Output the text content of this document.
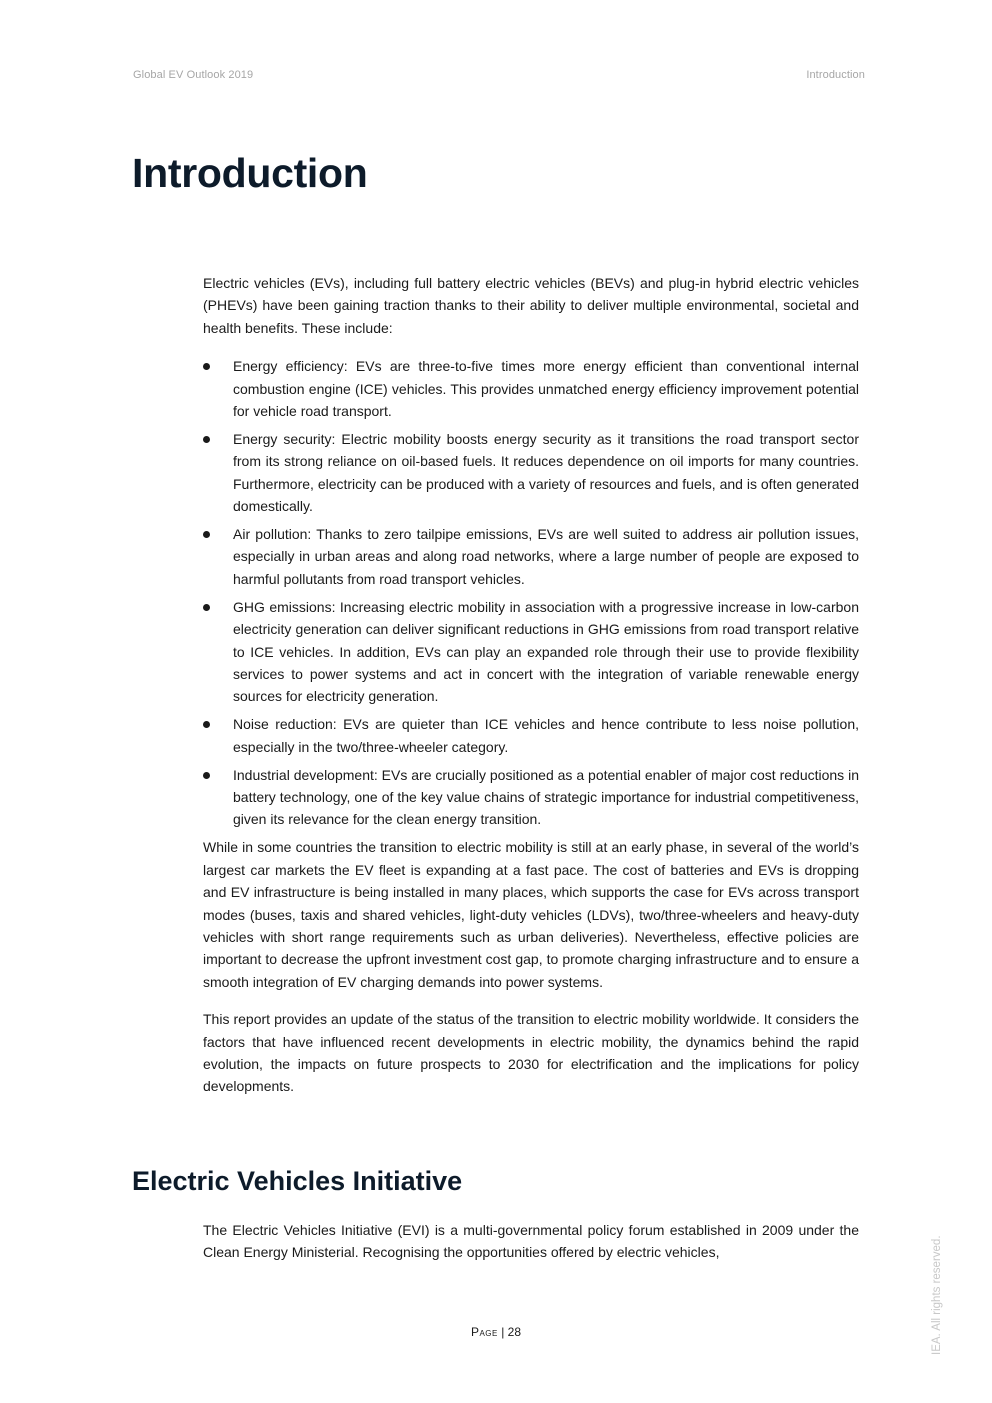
Global EV Outlook 2019	Introduction
Introduction

Electric vehicles (EVs), including full battery electric vehicles (BEVs) and plug-in hybrid electric vehicles (PHEVs) have been gaining traction thanks to their ability to deliver multiple environmental, societal and health benefits. These include:

Energy efficiency: EVs are three-to-five times more energy efficient than conventional internal combustion engine (ICE) vehicles. This provides unmatched energy efficiency improvement potential for vehicle road transport.
Energy security: Electric mobility boosts energy security as it transitions the road transport sector from its strong reliance on oil-based fuels. It reduces dependence on oil imports for many countries. Furthermore, electricity can be produced with a variety of resources and fuels, and is often generated domestically.
Air pollution: Thanks to zero tailpipe emissions, EVs are well suited to address air pollution issues, especially in urban areas and along road networks, where a large number of people are exposed to harmful pollutants from road transport vehicles.
GHG emissions: Increasing electric mobility in association with a progressive increase in low-carbon electricity generation can deliver significant reductions in GHG emissions from road transport relative to ICE vehicles. In addition, EVs can play an expanded role through their use to provide flexibility services to power systems and act in concert with the integration of variable renewable energy sources for electricity generation.
Noise reduction: EVs are quieter than ICE vehicles and hence contribute to less noise pollution, especially in the two/three-wheeler category.
Industrial development: EVs are crucially positioned as a potential enabler of major cost reductions in battery technology, one of the key value chains of strategic importance for industrial competitiveness, given its relevance for the clean energy transition.

While in some countries the transition to electric mobility is still at an early phase, in several of the world’s largest car markets the EV fleet is expanding at a fast pace. The cost of batteries and EVs is dropping and EV infrastructure is being installed in many places, which supports the case for EVs across transport modes (buses, taxis and shared vehicles, light-duty vehicles (LDVs), two/three-wheelers and heavy-duty vehicles with short range requirements such as urban deliveries). Nevertheless, effective policies are important to decrease the upfront investment cost gap, to promote charging infrastructure and to ensure a smooth integration of EV charging demands into power systems.

This report provides an update of the status of the transition to electric mobility worldwide. It considers the factors that have influenced recent developments in electric mobility, the dynamics behind the rapid evolution, the impacts on future prospects to 2030 for electrification and the implications for policy developments.

Electric Vehicles Initiative

The Electric Vehicles Initiative (EVI) is a multi-governmental policy forum established in 2009 under the Clean Energy Ministerial. Recognising the opportunities offered by electric vehicles,

Page | 28	IEA. All rights reserved.
